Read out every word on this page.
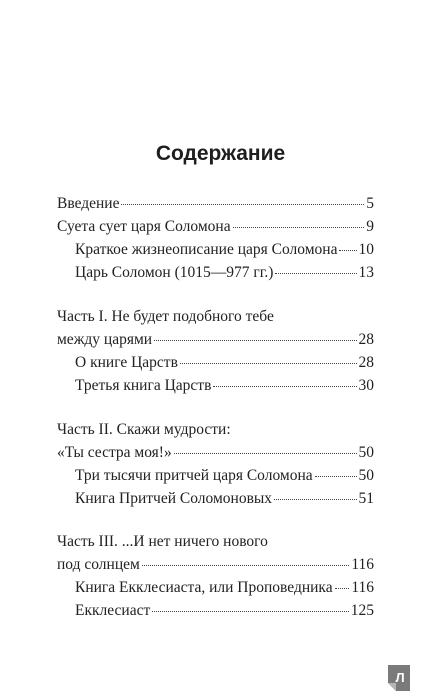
Содержание
Введение	5
Суета сует царя Соломона	9
Краткое жизнеописание царя Соломона 10
Царь Соломон (1015—977 гг.)	13
Часть I. Не будет подобного тебе
между царями	28
О книге Царств	28
Третья книга Царств	30
Часть II. Скажи мудрости:
«Ты сестра моя!»	50
Три тысячи притчей царя Соломона	50
Книга Притчей Соломоновых	51
Часть III. ...И нет ничего нового
под солнцем	116
Книга Екклесиаста, или Проповедника 116
Екклесиаст	125
Л
